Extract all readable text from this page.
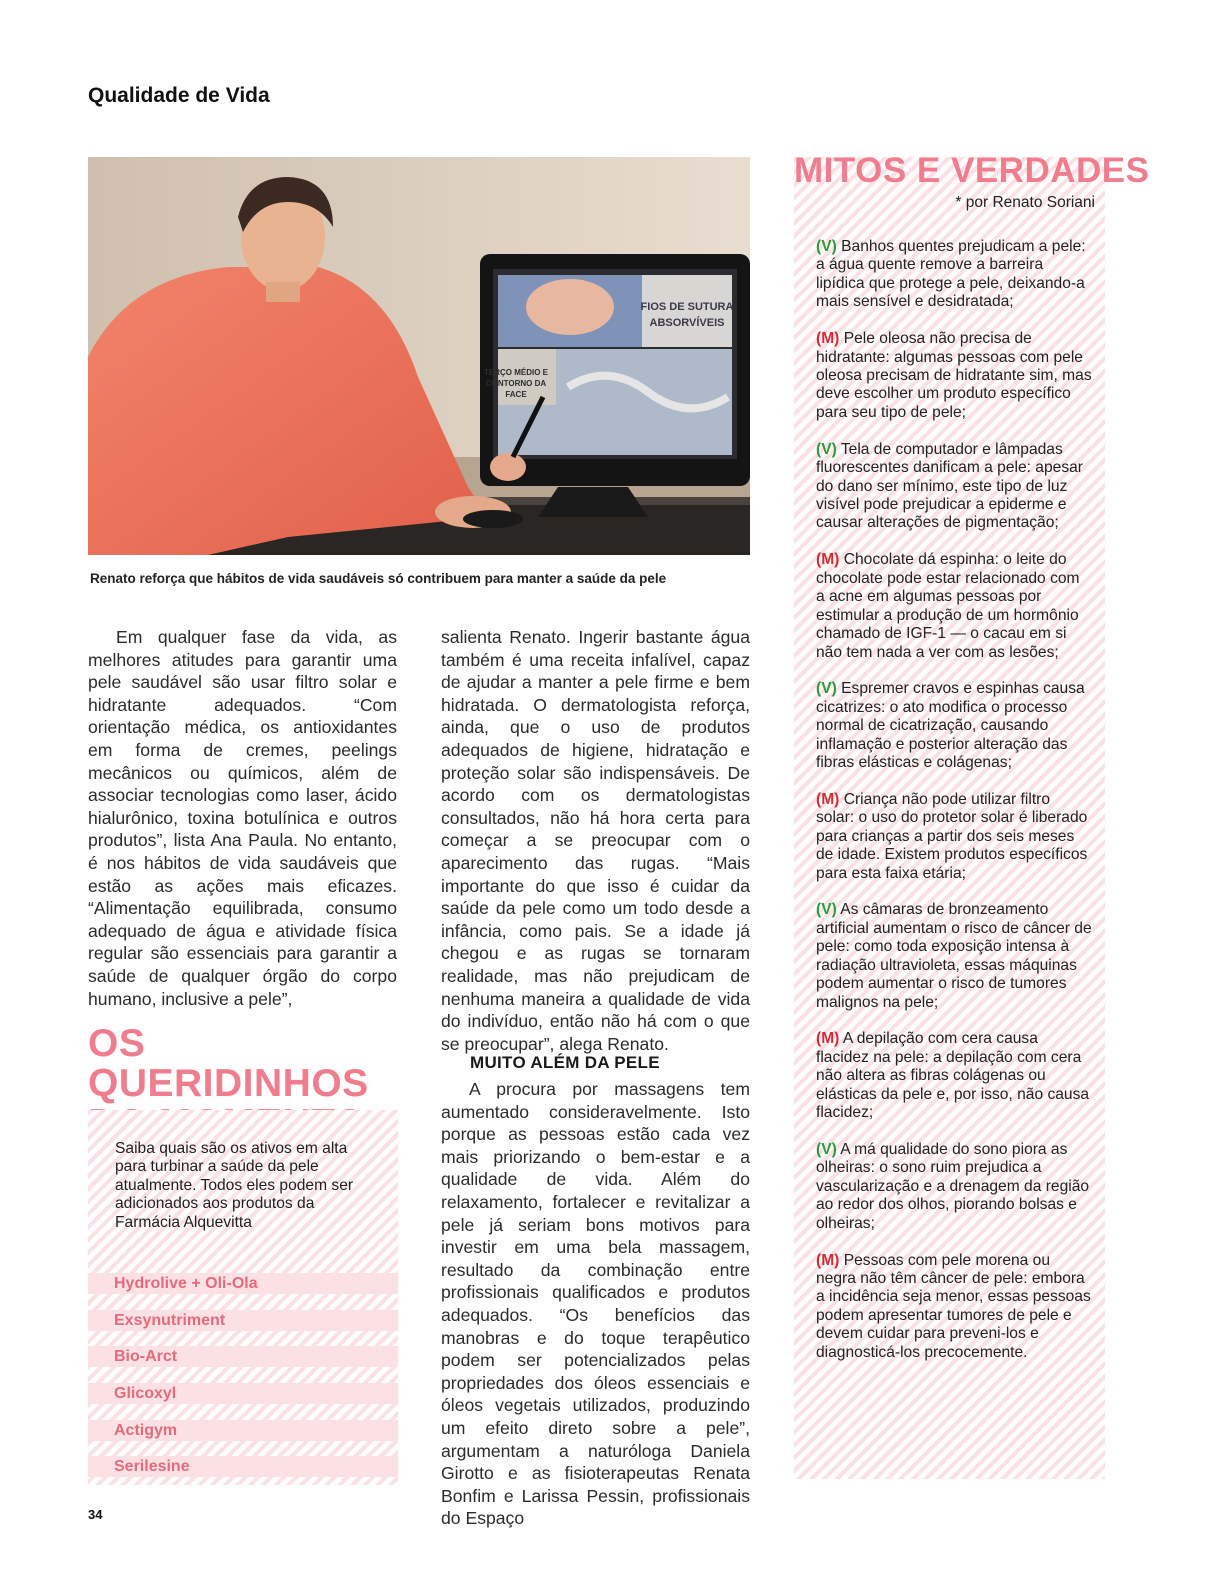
Qualidade de Vida
FIOS DE SUTURA
ABSORVÍVEIS
TERÇO MÉDIO E
CONTORNO DA
FACE
Renato reforça que hábitos de vida saudáveis só contribuem para manter a saúde da pele

Em qualquer fase da vida, as melhores atitudes para garantir uma pele saudável são usar filtro solar e hidratante adequados. “Com orientação médica, os antioxidantes em forma de cremes, peelings mecânicos ou químicos, além de associar tecnologias como laser, ácido hialurônico, toxina botulínica e outros produtos”, lista Ana Paula. No entanto, é nos hábitos de vida saudáveis que estão as ações mais eficazes. “Alimentação equilibrada, consumo adequado de água e atividade física regular são essenciais para garantir a saúde de qualquer órgão do corpo humano, inclusive a pele”,

OS QUERIDINHOS
Saiba quais são os ativos em alta para turbinar a saúde da pele atualmente. Todos eles podem ser adicionados aos produtos da Farmácia Alquevitta
Hydrolive + Oli-Ola
Exsynutriment
Bio-Arct
Glicoxyl
Actigym
Serilesine

salienta Renato. Ingerir bastante água também é uma receita infalível, capaz de ajudar a manter a pele firme e bem hidratada. O dermatologista reforça, ainda, que o uso de produtos adequados de higiene, hidratação e proteção solar são indispensáveis. De acordo com os dermatologistas consultados, não há hora certa para começar a se preocupar com o aparecimento das rugas. “Mais importante do que isso é cuidar da saúde da pele como um todo desde a infância, como pais. Se a idade já chegou e as rugas se tornaram realidade, mas não prejudicam de nenhuma maneira a qualidade de vida do indivíduo, então não há com o que se preocupar”, alega Renato.

MUITO ALÉM DA PELE

A procura por massagens tem aumentado consideravelmente. Isto porque as pessoas estão cada vez mais priorizando o bem-estar e a qualidade de vida. Além do relaxamento, fortalecer e revitalizar a pele já seriam bons motivos para investir em uma bela massagem, resultado da combinação entre profissionais qualificados e produtos adequados. “Os benefícios das manobras e do toque terapêutico podem ser potencializados pelas propriedades dos óleos essenciais e óleos vegetais utilizados, produzindo um efeito direto sobre a pele”, argumentam a naturóloga Daniela Girotto e as fisioterapeutas Renata Bonfim e Larissa Pessin, profissionais do Espaço

MITOS E VERDADES
* por Renato Soriani
(V) Banhos quentes prejudicam a pele: a água quente remove a barreira lipídica que protege a pele, deixando-a mais sensível e desidratada;
(M) Pele oleosa não precisa de hidratante: algumas pessoas com pele oleosa precisam de hidratante sim, mas deve escolher um produto específico para seu tipo de pele;
(V) Tela de computador e lâmpadas fluorescentes danificam a pele: apesar do dano ser mínimo, este tipo de luz visível pode prejudicar a epiderme e causar alterações de pigmentação;
(M) Chocolate dá espinha: o leite do chocolate pode estar relacionado com a acne em algumas pessoas por estimular a produção de um hormônio chamado de IGF-1 — o cacau em si não tem nada a ver com as lesões;
(V) Espremer cravos e espinhas causa cicatrizes: o ato modifica o processo normal de cicatrização, causando inflamação e posterior alteração das fibras elásticas e colágenas;
(M) Criança não pode utilizar filtro solar: o uso do protetor solar é liberado para crianças a partir dos seis meses de idade. Existem produtos específicos para esta faixa etária;
(V) As câmaras de bronzeamento artificial aumentam o risco de câncer de pele: como toda exposição intensa à radiação ultravioleta, essas máquinas podem aumentar o risco de tumores malignos na pele;
(M) A depilação com cera causa flacidez na pele: a depilação com cera não altera as fibras colágenas ou elásticas da pele e, por isso, não causa flacidez;
(V) A má qualidade do sono piora as olheiras: o sono ruim prejudica a vascularização e a drenagem da região ao redor dos olhos, piorando bolsas e olheiras;
(M) Pessoas com pele morena ou negra não têm câncer de pele: embora a incidência seja menor, essas pessoas podem apresentar tumores de pele e devem cuidar para preveni-los e diagnosticá-los precocemente.
34
